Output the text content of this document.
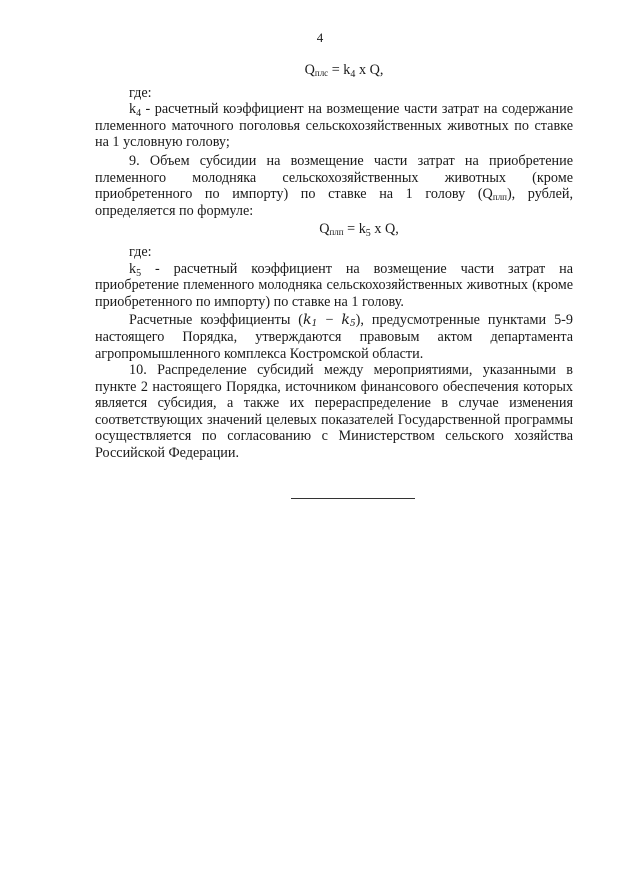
4
$Q_{плс} = k_4$ x Q,

где:

$k_4$ - расчетный коэффициент на возмещение части затрат на содержание племенного маточного поголовья сельскохозяйственных животных по ставке на 1 условную голову;

9. Объем субсидии на возмещение части затрат на приобретение племенного молодняка сельскохозяйственных животных (кроме приобретенного по импорту) по ставке на 1 голову $(Q_{плп})$, рублей, определяется по формуле:

$Q_{плп} = k_5$ x Q,

где:

$k_5$ - расчетный коэффициент на возмещение части затрат на приобретение племенного молодняка сельскохозяйственных животных (кроме приобретенного по импорту) по ставке на 1 голову.

Расчетные коэффициенты $(k_1 - k_5)$, предусмотренные пунктами 5-9 настоящего Порядка, утверждаются правовым актом департамента агропромышленного комплекса Костромской области.

10. Распределение субсидий между мероприятиями, указанными в пункте 2 настоящего Порядка, источником финансового обеспечения которых является субсидия, а также их перераспределение в случае изменения соответствующих значений целевых показателей Государственной программы осуществляется по согласованию с Министерством сельского хозяйства Российской Федерации.
